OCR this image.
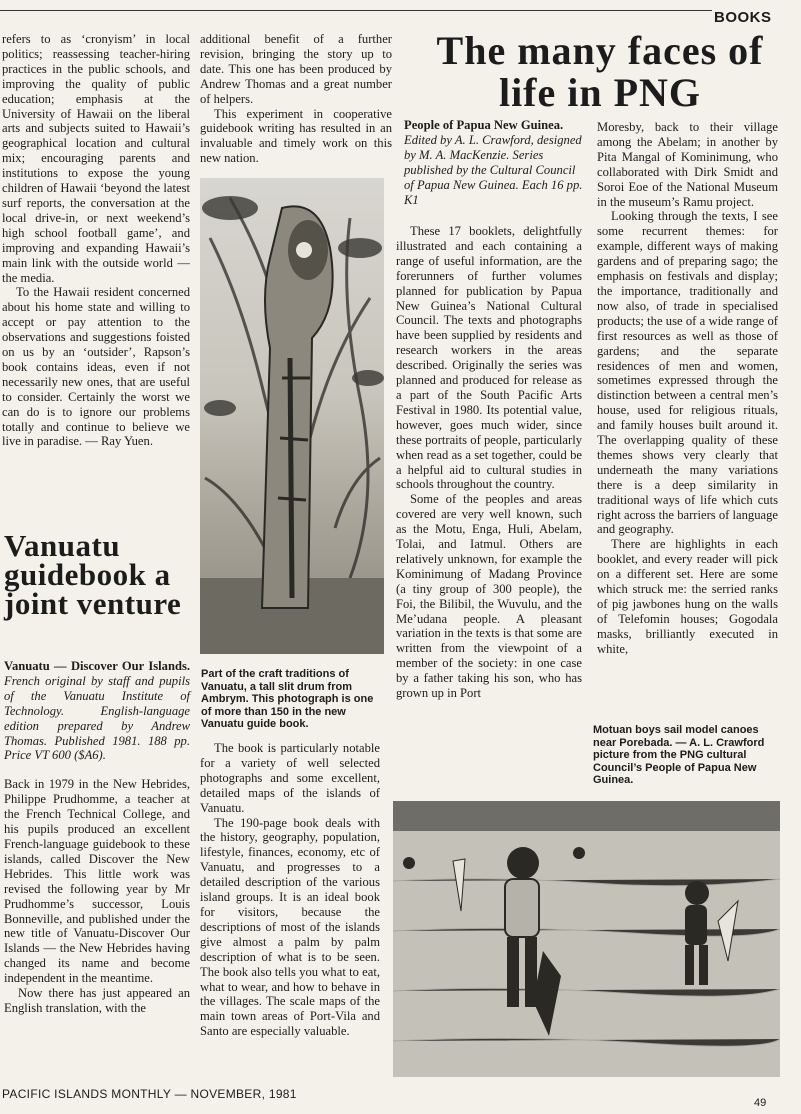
BOOKS

refers to as ‘cronyism’ in local politics; reassessing teacher-hiring practices in the public schools, and improving the quality of public education; emphasis at the University of Hawaii on the liberal arts and subjects suited to Hawaii’s geographical location and cultural mix; encouraging parents and institutions to expose the young children of Hawaii ‘beyond the latest surf reports, the conversation at the local drive-in, or next weekend’s high school football game’, and improving and expanding Hawaii’s main link with the outside world — the media.

To the Hawaii resident concerned about his home state and willing to accept or pay attention to the observations and suggestions foisted on us by an ‘outsider’, Rapson’s book contains ideas, even if not necessarily new ones, that are useful to consider. Certainly the worst we can do is to ignore our problems totally and continue to believe we live in paradise. — Ray Yuen.

Vanuatu guidebook a joint venture
Vanuatu — Discover Our Islands. French original by staff and pupils of the Vanuatu Institute of Technology. English-language edition prepared by Andrew Thomas. Published 1981. 188 pp. Price VT 600 ($A6).

Back in 1979 in the New Hebrides, Philippe Prudhomme, a teacher at the French Technical College, and his pupils produced an excellent French-language guidebook to these islands, called Discover the New Hebrides. This little work was revised the following year by Mr Prudhomme’s successor, Louis Bonneville, and published under the new title of Vanuatu-Discover Our Islands — the New Hebrides having changed its name and become independent in the meantime.

Now there has just appeared an English translation, with the

additional benefit of a further revision, bringing the story up to date. This one has been produced by Andrew Thomas and a great number of helpers.

This experiment in cooperative guidebook writing has resulted in an invaluable and timely work on this new nation.

Part of the craft traditions of Vanuatu, a tall slit drum from Ambrym. This photograph is one of more than 150 in the new Vanuatu guide book.

The book is particularly notable for a variety of well selected photographs and some excellent, detailed maps of the islands of Vanuatu.

The 190-page book deals with the history, geography, population, lifestyle, finances, economy, etc of Vanuatu, and progresses to a detailed description of the various island groups. It is an ideal book for visitors, because the descriptions of most of the islands give almost a palm by palm description of what is to be seen. The book also tells you what to eat, what to wear, and how to behave in the villages. The scale maps of the main town areas of Port-Vila and Santo are especially valuable.

The many faces of life in PNG
People of Papua New Guinea. Edited by A. L. Crawford, designed by M. A. MacKenzie. Series published by the Cultural Council of Papua New Guinea. Each 16 pp. K1

These 17 booklets, delightfully illustrated and each containing a range of useful information, are the forerunners of further volumes planned for publication by Papua New Guinea’s National Cultural Council. The texts and photographs have been supplied by residents and research workers in the areas described. Originally the series was planned and produced for release as a part of the South Pacific Arts Festival in 1980. Its potential value, however, goes much wider, since these portraits of people, particularly when read as a set together, could be a helpful aid to cultural studies in schools throughout the country.

Some of the peoples and areas covered are very well known, such as the Motu, Enga, Huli, Abelam, Tolai, and Iatmul. Others are relatively unknown, for example the Kominimung of Madang Province (a tiny group of 300 people), the Foi, the Bilibil, the Wuvulu, and the Me’udana people. A pleasant variation in the texts is that some are written from the viewpoint of a member of the society: in one case by a father taking his son, who has grown up in Port

Moresby, back to their village among the Abelam; in another by Pita Mangal of Kominimung, who collaborated with Dirk Smidt and Soroi Eoe of the National Museum in the museum’s Ramu project.

Looking through the texts, I see some recurrent themes: for example, different ways of making gardens and of preparing sago; the emphasis on festivals and display; the importance, traditionally and now also, of trade in specialised products; the use of a wide range of first resources as well as those of gardens; and the separate residences of men and women, sometimes expressed through the distinction between a central men’s house, used for religious rituals, and family houses built around it. The overlapping quality of these themes shows very clearly that underneath the many variations there is a deep similarity in traditional ways of life which cuts right across the barriers of language and geography.

There are highlights in each booklet, and every reader will pick on a different set. Here are some which struck me: the serried ranks of pig jawbones hung on the walls of Telefomin houses; Gogodala masks, brilliantly executed in white,

Motuan boys sail model canoes near Porebada. — A. L. Crawford picture from the PNG cultural Council’s People of Papua New Guinea.
PACIFIC ISLANDS MONTHLY — NOVEMBER, 1981
49
